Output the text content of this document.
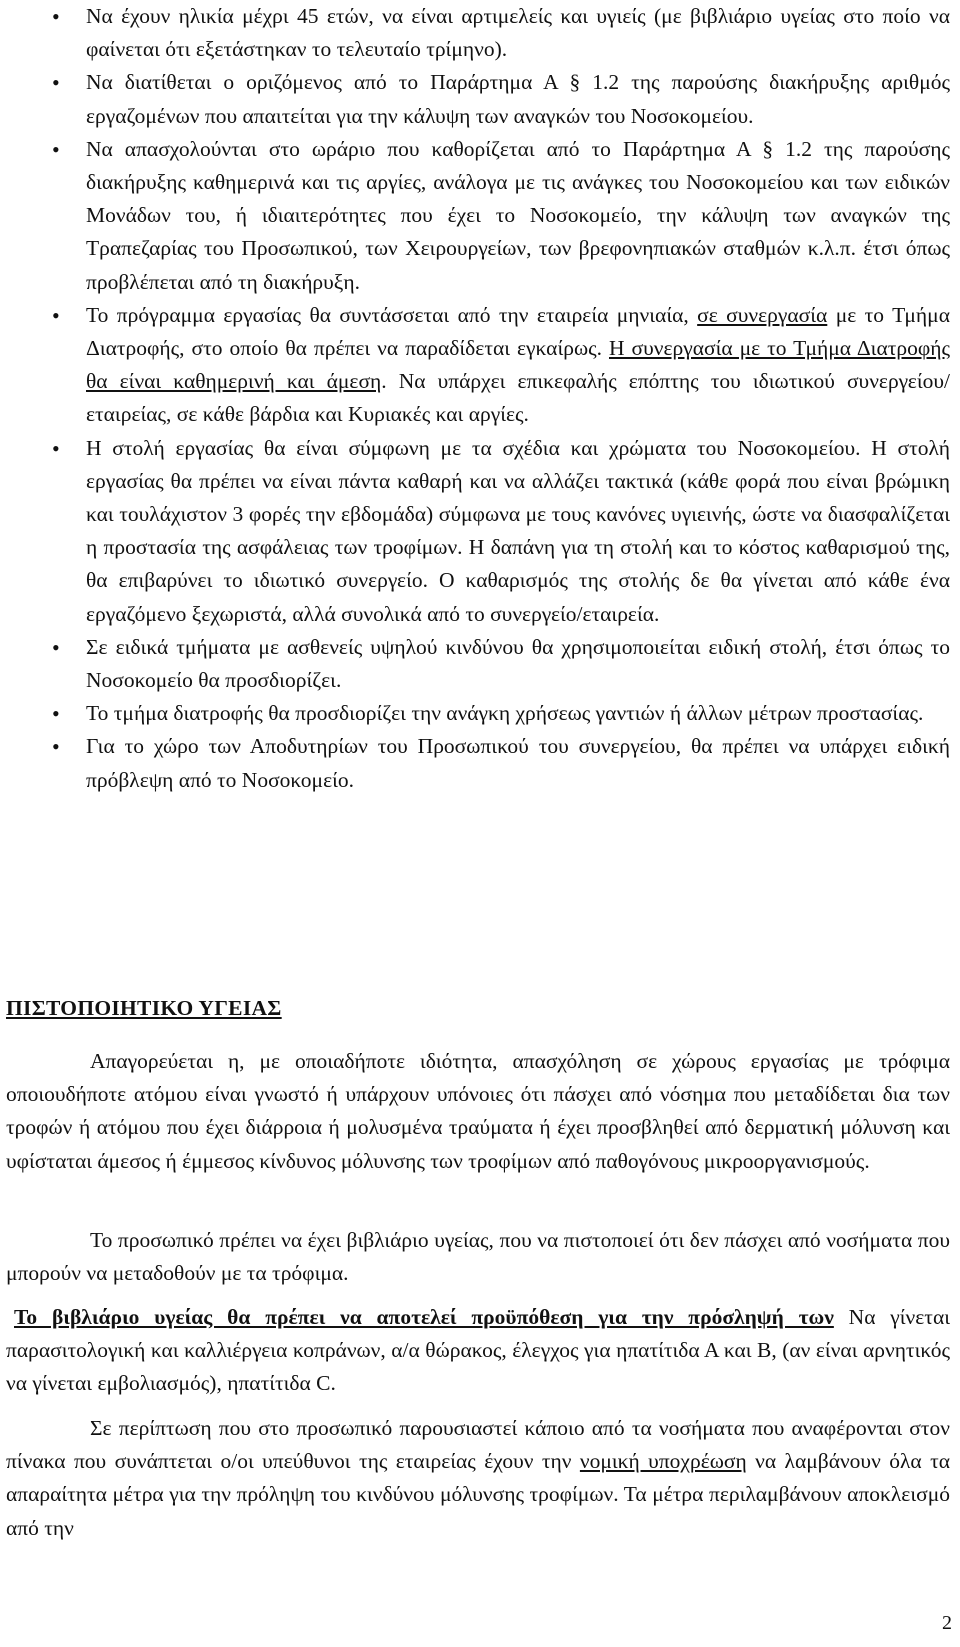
• Να έχουν ηλικία μέχρι 45 ετών, να είναι αρτιμελείς και υγιείς (με βιβλιάριο υγείας στο ποίο να φαίνεται ότι εξετάστηκαν το τελευταίο τρίμηνο).
• Να διατίθεται ο οριζόμενος από το Παράρτημα Α § 1.2 της παρούσης διακήρυξης αριθμός εργαζομένων που απαιτείται για την κάλυψη των αναγκών του Νοσοκομείου.
• Να απασχολούνται στο ωράριο που καθορίζεται από το Παράρτημα Α § 1.2 της παρούσης διακήρυξης καθημερινά και τις αργίες, ανάλογα με τις ανάγκες του Νοσοκομείου και των ειδικών Μονάδων του, ή ιδιαιτερότητες που έχει το Νοσοκομείο, την κάλυψη των αναγκών της Τραπεζαρίας του Προσωπικού, των Χειρουργείων, των βρεφονηπιακών σταθμών κ.λ.π. έτσι όπως προβλέπεται από τη διακήρυξη.
• Το πρόγραμμα εργασίας θα συντάσσεται από την εταιρεία μηνιαία, σε συνεργασία με το Τμήμα Διατροφής, στο οποίο θα πρέπει να παραδίδεται εγκαίρως. Η συνεργασία με το Τμήμα Διατροφής θα είναι καθημερινή και άμεση. Να υπάρχει επικεφαλής επόπτης του ιδιωτικού συνεργείου/εταιρείας, σε κάθε βάρδια και Κυριακές και αργίες.
• Η στολή εργασίας θα είναι σύμφωνη με τα σχέδια και χρώματα του Νοσοκομείου. Η στολή εργασίας θα πρέπει να είναι πάντα καθαρή και να αλλάζει τακτικά (κάθε φορά που είναι βρώμικη και τουλάχιστον 3 φορές την εβδομάδα) σύμφωνα με τους κανόνες υγιεινής, ώστε να διασφαλίζεται η προστασία της ασφάλειας των τροφίμων. Η δαπάνη για τη στολή και το κόστος καθαρισμού της, θα επιβαρύνει το ιδιωτικό συνεργείο. Ο καθαρισμός της στολής δε θα γίνεται από κάθε ένα εργαζόμενο ξεχωριστά, αλλά συνολικά από το συνεργείο/εταιρεία.
• Σε ειδικά τμήματα με ασθενείς υψηλού κινδύνου θα χρησιμοποιείται ειδική στολή, έτσι όπως το Νοσοκομείο θα προσδιορίζει.
• Το τμήμα διατροφής θα προσδιορίζει την ανάγκη χρήσεως γαντιών ή άλλων μέτρων προστασίας.
• Για το χώρο των Αποδυτηρίων του Προσωπικού του συνεργείου, θα πρέπει να υπάρχει ειδική πρόβλεψη από το Νοσοκομείο.
ΠΙΣΤΟΠΟΙΗΤΙΚΟ ΥΓΕΙΑΣ

Απαγορεύεται η, με οποιαδήποτε ιδιότητα, απασχόληση σε χώρους εργασίας με τρόφιμα οποιουδήποτε ατόμου είναι γνωστό ή υπάρχουν υπόνοιες ότι πάσχει από νόσημα που μεταδίδεται δια των τροφών ή ατόμου που έχει διάρροια ή μολυσμένα τραύματα ή έχει προσβληθεί από δερματική μόλυνση και υφίσταται άμεσος ή έμμεσος κίνδυνος μόλυνσης των τροφίμων από παθογόνους μικροοργανισμούς.

Το προσωπικό πρέπει να έχει βιβλιάριο υγείας, που να πιστοποιεί ότι δεν πάσχει από νοσήματα που μπορούν να μεταδοθούν με τα τρόφιμα.

Το βιβλιάριο υγείας θα πρέπει να αποτελεί προϋπόθεση για την πρόσληψή των Να γίνεται παρασιτολογική και καλλιέργεια κοπράνων, α/α θώρακος, έλεγχος για ηπατίτιδα Α και Β, (αν είναι αρνητικός να γίνεται εμβολιασμός), ηπατίτιδα C.

Σε περίπτωση που στο προσωπικό παρουσιαστεί κάποιο από τα νοσήματα που αναφέρονται στον πίνακα που συνάπτεται ο/οι υπεύθυνοι της εταιρείας έχουν την νομική υποχρέωση να λαμβάνουν όλα τα απαραίτητα μέτρα για την πρόληψη του κινδύνου μόλυνσης τροφίμων. Τα μέτρα περιλαμβάνουν αποκλεισμό από την

2
